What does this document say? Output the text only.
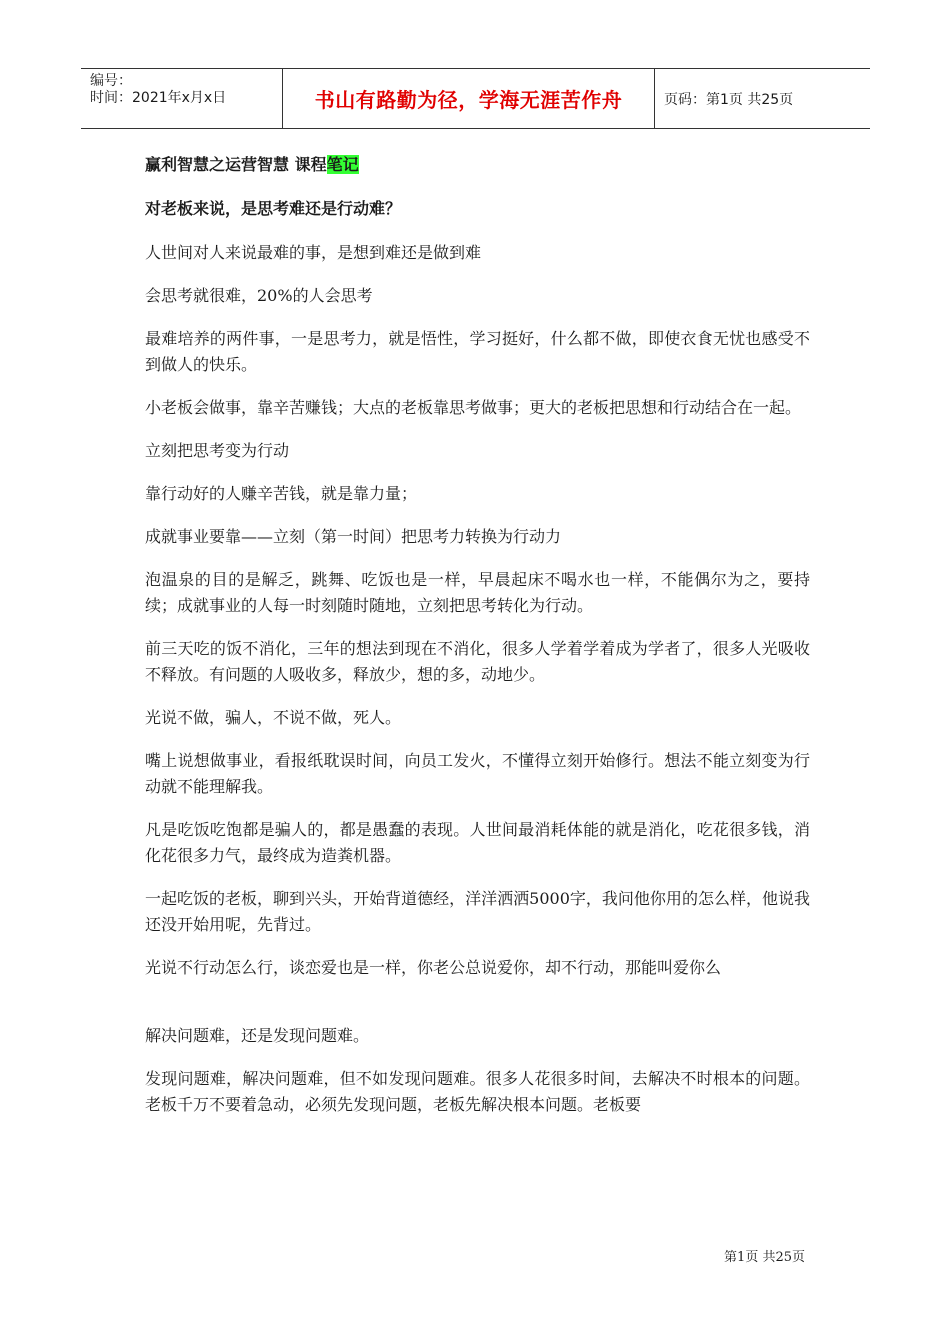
编号：
时间：2021年x月x日	书山有路勤为径，学海无涯苦作舟	页码：第1页 共25页
赢利智慧之运营智慧 课程笔记
对老板来说，是思考难还是行动难？

人世间对人来说最难的事，是想到难还是做到难

会思考就很难，20%的人会思考

最难培养的两件事，一是思考力，就是悟性，学习挺好，什么都不做，即使衣食无忧也感受不到做人的快乐。

小老板会做事，靠辛苦赚钱；大点的老板靠思考做事；更大的老板把思想和行动结合在一起。

立刻把思考变为行动

靠行动好的人赚辛苦钱，就是靠力量；

成就事业要靠——立刻（第一时间）把思考力转换为行动力

泡温泉的目的是解乏，跳舞、吃饭也是一样，早晨起床不喝水也一样，不能偶尔为之，要持续；成就事业的人每一时刻随时随地，立刻把思考转化为行动。

前三天吃的饭不消化，三年的想法到现在不消化，很多人学着学着成为学者了，很多人光吸收不释放。有问题的人吸收多，释放少，想的多，动地少。

光说不做，骗人，不说不做，死人。

嘴上说想做事业，看报纸耽误时间，向员工发火，不懂得立刻开始修行。想法不能立刻变为行动就不能理解我。

凡是吃饭吃饱都是骗人的，都是愚蠢的表现。人世间最消耗体能的就是消化，吃花很多钱，消化花很多力气，最终成为造粪机器。

一起吃饭的老板，聊到兴头，开始背道德经，洋洋洒洒5000字，我问他你用的怎么样，他说我还没开始用呢，先背过。

光说不行动怎么行，谈恋爱也是一样，你老公总说爱你，却不行动，那能叫爱你么

解决问题难，还是发现问题难。

发现问题难，解决问题难，但不如发现问题难。很多人花很多时间，去解决不时根本的问题。老板千万不要着急动，必须先发现问题，老板先解决根本问题。老板要

第1页 共25页
